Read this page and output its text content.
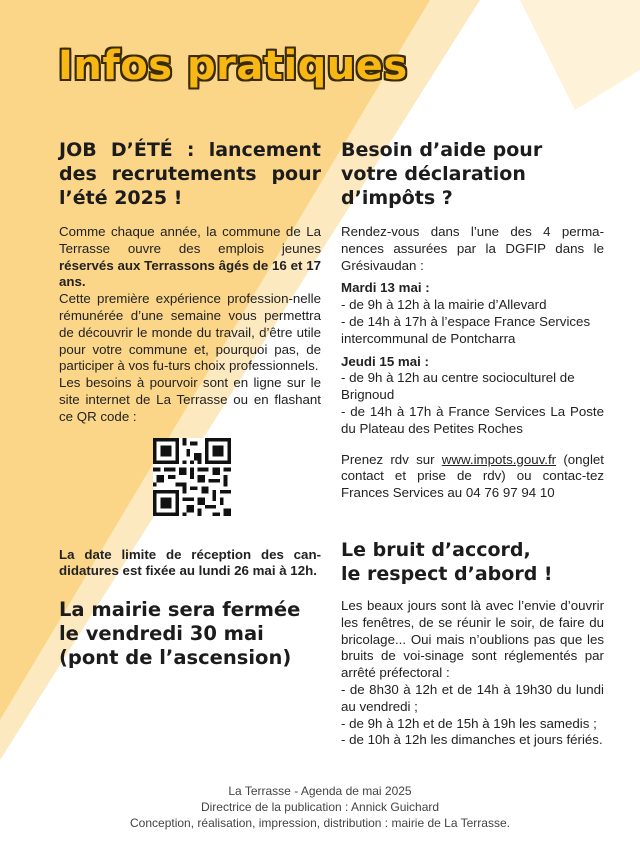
Infos pratiques
JOB D’ÉTÉ : lancement des recrutements pour l’été 2025 !

Comme chaque année, la commune de La Terrasse ouvre des emplois jeunes réservés aux Terrassons âgés de 16 et 17 ans.

Cette première expérience profession-nelle rémunérée d’une semaine vous permettra de découvrir le monde du travail, d’être utile pour votre commune et, pourquoi pas, de participer à vos fu-turs choix professionnels.

Les besoins à pourvoir sont en ligne sur le site internet de La Terrasse ou en flashant ce QR code :

La date limite de réception des can-didatures est fixée au lundi 26 mai à 12h.

La mairie sera fermée le vendredi 30 mai (pont de l’ascension)
Besoin d’aide pour votre déclaration d’impôts ?

Rendez-vous dans l’une des 4 perma-nences assurées par la DGFIP dans le Grésivaudan :

Mardi 13 mai :

- de 9h à 12h à la mairie d’Allevard

- de 14h à 17h à l’espace France Services intercommunal de Pontcharra

Jeudi 15 mai :

- de 9h à 12h au centre socioculturel de Brignoud

- de 14h à 17h à France Services La Poste du Plateau des Petites Roches

Prenez rdv sur www.impots.gouv.fr (onglet contact et prise de rdv) ou contac-tez Frances Services au 04 76 97 94 10

Le bruit d’accord,
le respect d’abord !

Les beaux jours sont là avec l’envie d’ouvrir les fenêtres, de se réunir le soir, de faire du bricolage... Oui mais n’oublions pas que les bruits de voi-sinage sont réglementés par arrêté préfectoral :

- de 8h30 à 12h et de 14h à 19h30 du lundi au vendredi ;

- de 9h à 12h et de 15h à 19h les samedis ;

- de 10h à 12h les dimanches et jours fériés.

La Terrasse - Agenda de mai 2025
Directrice de la publication : Annick Guichard
Conception, réalisation, impression, distribution : mairie de La Terrasse.
